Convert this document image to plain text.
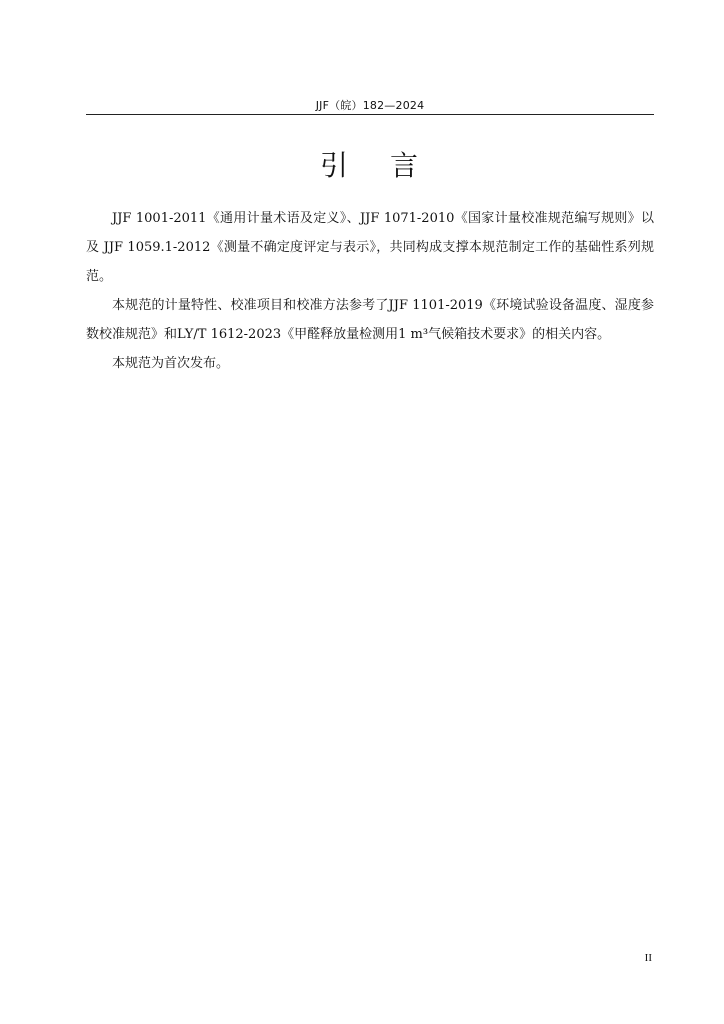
JJF（皖）182—2024
引 言

JJF 1001-2011《通用计量术语及定义》、JJF 1071-2010《国家计量校准规范编写规则》以及 JJF 1059.1-2012《测量不确定度评定与表示》，共同构成支撑本规范制定工作的基础性系列规范。

本规范的计量特性、校准项目和校准方法参考了JJF 1101-2019《环境试验设备温度、湿度参数校准规范》和LY/T 1612-2023《甲醛释放量检测用1 m³气候箱技术要求》的相关内容。

本规范为首次发布。

II
